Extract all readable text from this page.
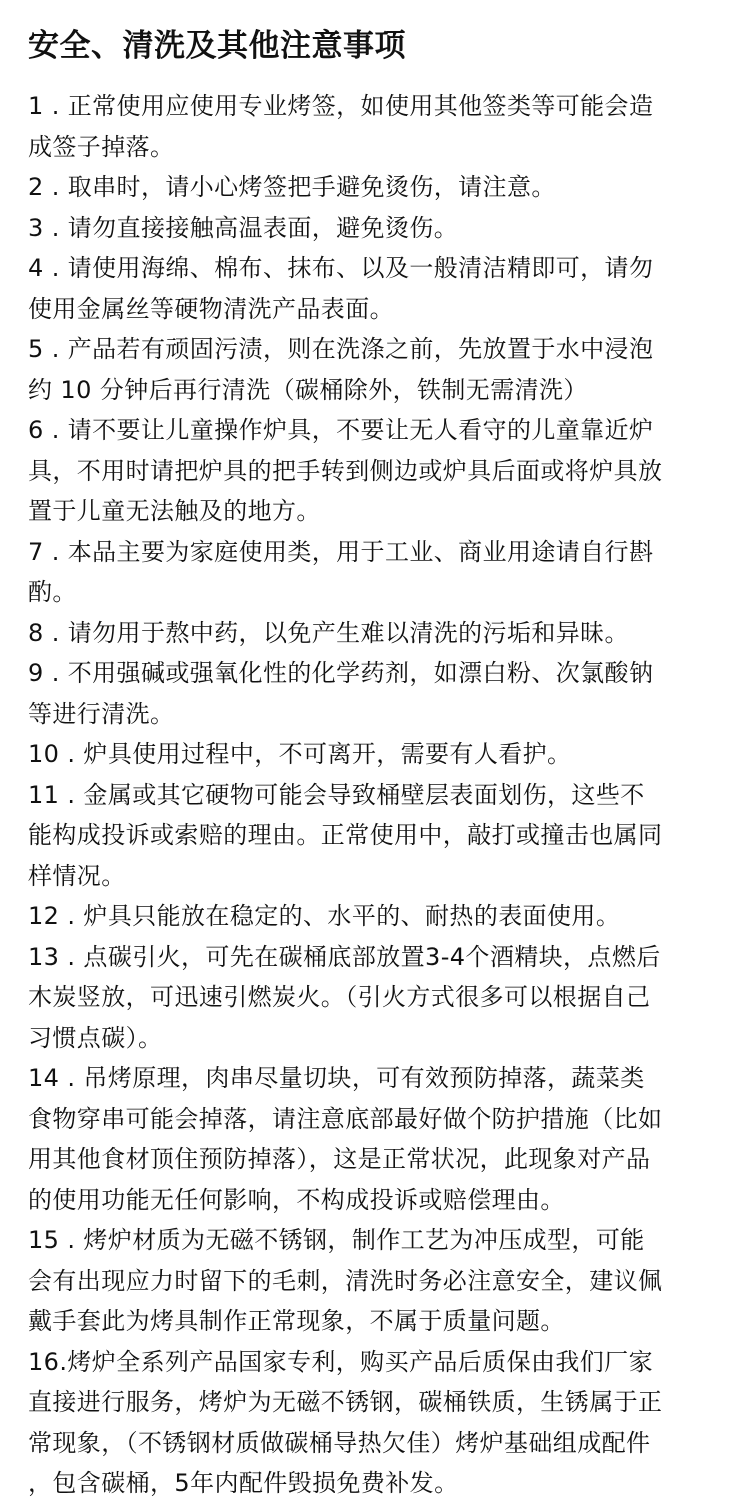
安全、清洗及其他注意事项
1 . 正常使用应使用专业烤签，如使用其他签类等可能会造
成签子掉落。
2 . 取串时，请小心烤签把手避免烫伤，请注意。
3 . 请勿直接接触高温表面，避免烫伤。
4 . 请使用海绵、棉布、抹布、以及一般清洁精即可，请勿
使用金属丝等硬物清洗产品表面。
5 . 产品若有顽固污渍，则在洗涤之前，先放置于水中浸泡
约 10 分钟后再行清洗（碳桶除外，铁制无需清洗）
6 . 请不要让儿童操作炉具，不要让无人看守的儿童靠近炉
具，不用时请把炉具的把手转到侧边或炉具后面或将炉具放
置于儿童无法触及的地方。
7 . 本品主要为家庭使用类，用于工业、商业用途请自行斟
酌。
8 . 请勿用于熬中药，以免产生难以清洗的污垢和异昧。
9 . 不用强碱或强氧化性的化学药剂，如漂白粉、次氯酸钠
等进行清洗。
10 . 炉具使用过程中，不可离开，需要有人看护。
11 . 金属或其它硬物可能会导致桶壁层表面划伤，这些不
能构成投诉或索赔的理由。正常使用中，敲打或撞击也属同
样情况。
12 . 炉具只能放在稳定的、水平的、耐热的表面使用。
13 . 点碳引火，可先在碳桶底部放置3-4个酒精块，点燃后
木炭竖放，可迅速引燃炭火。（引火方式很多可以根据自己
习惯点碳）。
14 . 吊烤原理，肉串尽量切块，可有效预防掉落，蔬菜类
食物穿串可能会掉落，请注意底部最好做个防护措施（比如
用其他食材顶住预防掉落），这是正常状况，此现象对产品
的使用功能无任何影响，不构成投诉或赔偿理由。
15 . 烤炉材质为无磁不锈钢，制作工艺为冲压成型，可能
会有出现应力时留下的毛刺，清洗时务必注意安全，建议佩
戴手套此为烤具制作正常现象，不属于质量问题。
16.烤炉全系列产品国家专利，购买产品后质保由我们厂家
直接进行服务，烤炉为无磁不锈钢，碳桶铁质，生锈属于正
常现象，（不锈钢材质做碳桶导热欠佳）烤炉基础组成配件
，包含碳桶，5年内配件毁损免费补发。
